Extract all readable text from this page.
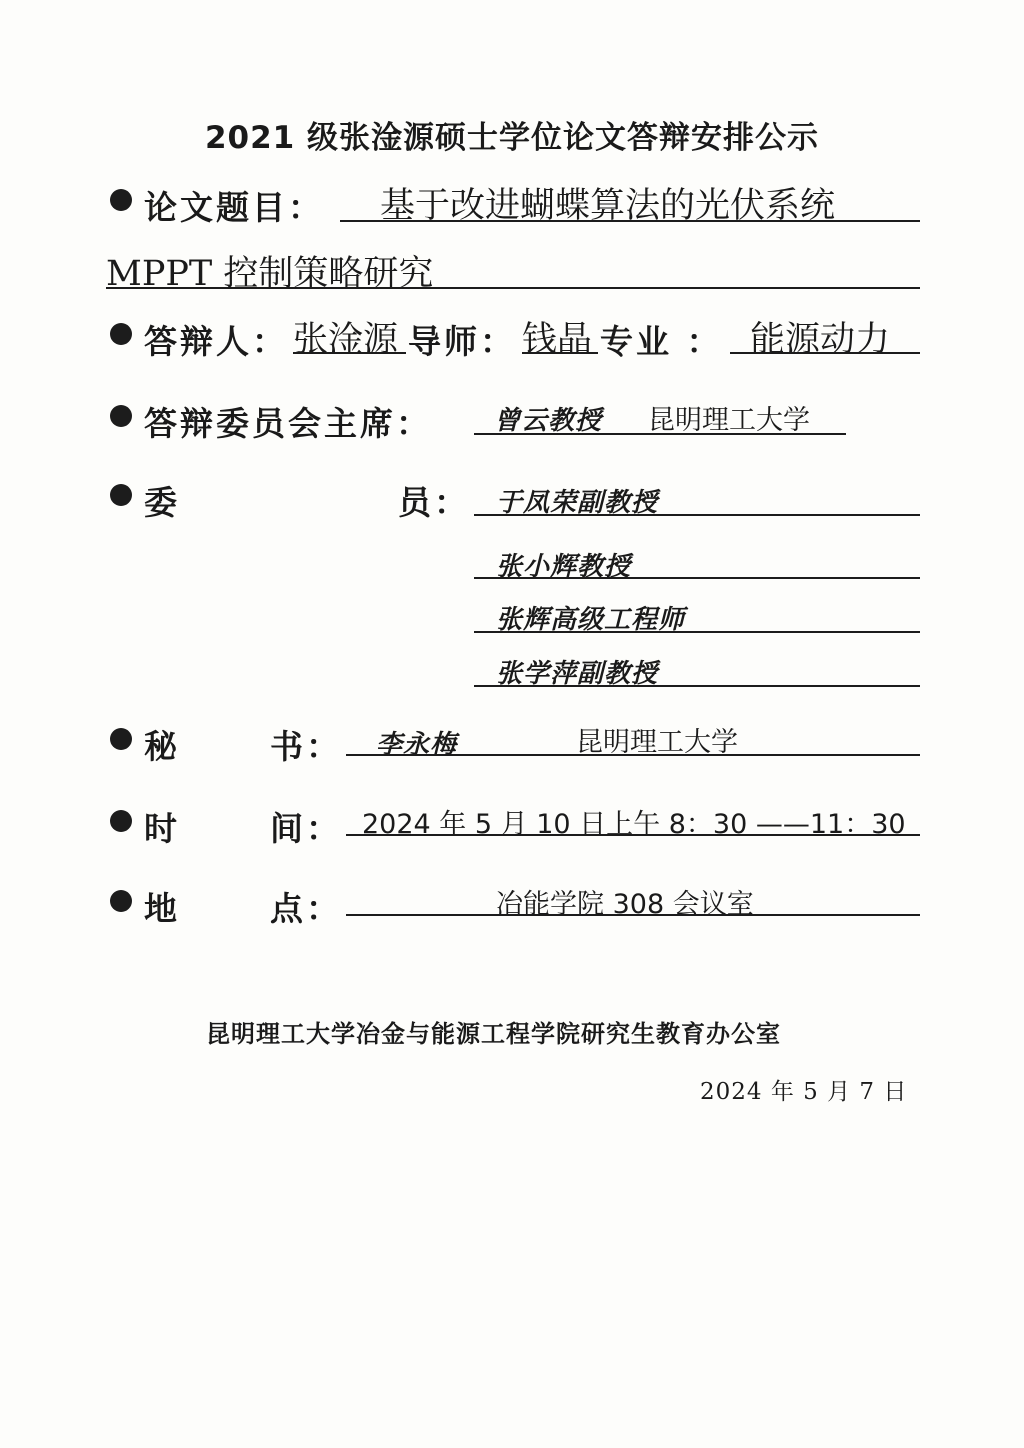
2021 级张淦源硕士学位论文答辩安排公示
论文题目： 基于改进蝴蝶算法的光伏系统
MPPT 控制策略研究
答辩人： 张淦源 导师： 钱晶 专业 ： 能源动力
答辩委员会主席： 曾云教授 昆明理工大学
委	员： 于凤荣副教授
张小辉教授
张辉高级工程师
张学萍副教授
秘	书： 李永梅	昆明理工大学
时	间： 2024 年 5 月 10 日上午 8：30 ——11：30
地	点：	冶能学院 308 会议室
昆明理工大学冶金与能源工程学院研究生教育办公室
2024 年 5 月 7 日
